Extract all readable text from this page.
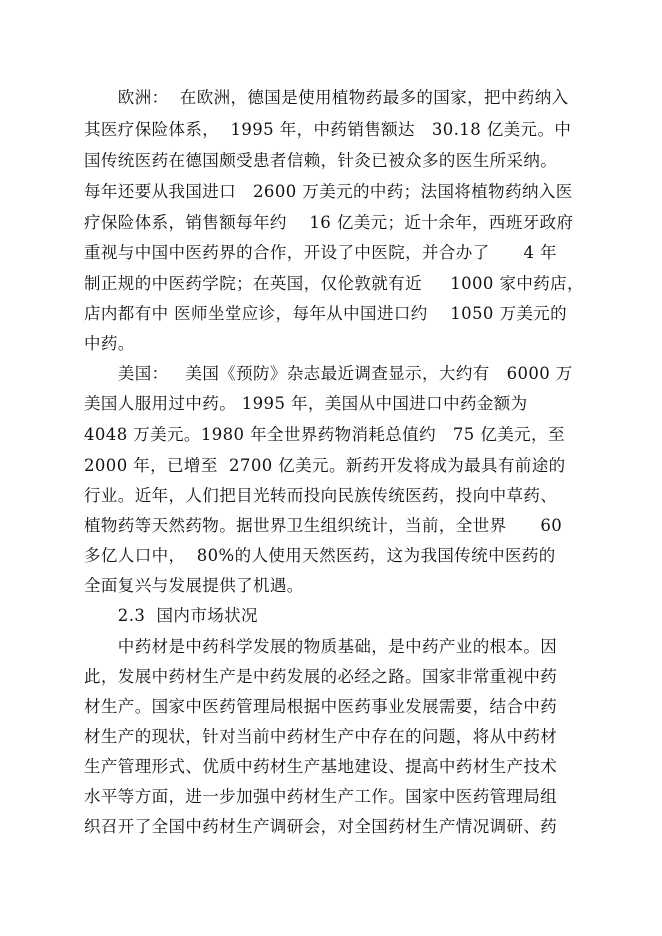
　　欧洲：  在欧洲，德国是使用植物药最多的国家，把中药纳入
其医疗保险体系，  1995 年，中药销售额达   30.18 亿美元。中
国传统医药在德国颇受患者信赖，针灸已被众多的医生所采纳。
每年还要从我国进口   2600 万美元的中药；法国将植物药纳入医
疗保险体系，销售额每年约    16 亿美元；近十余年，西班牙政府
重视与中国中医药界的合作，开设了中医院，并合办了      4 年
制正规的中医药学院；在英国，仅伦敦就有近     1000 家中药店，
店内都有中 医师坐堂应诊，每年从中国进口约    1050 万美元的
中药。
　　美国：   美国《预防》杂志最近调查显示，大约有   6000 万
美国人服用过中药。 1995 年，美国从中国进口中药金额为
4048 万美元。1980 年全世界药物消耗总值约   75 亿美元，至
2000 年，已增至  2700 亿美元。新药开发将成为最具有前途的
行业。近年，人们把目光转而投向民族传统医药，投向中草药、
植物药等天然药物。据世界卫生组织统计，当前，全世界      60
多亿人口中，  80%的人使用天然医药，这为我国传统中医药的
全面复兴与发展提供了机遇。
　　2.3  国内市场状况
　　中药材是中药科学发展的物质基础，是中药产业的根本。因
此，发展中药材生产是中药发展的必经之路。国家非常重视中药
材生产。国家中医药管理局根据中医药事业发展需要，结合中药
材生产的现状，针对当前中药材生产中存在的问题，将从中药材
生产管理形式、优质中药材生产基地建设、提高中药材生产技术
水平等方面，进一步加强中药材生产工作。国家中医药管理局组
织召开了全国中药材生产调研会，对全国药材生产情况调研、药
